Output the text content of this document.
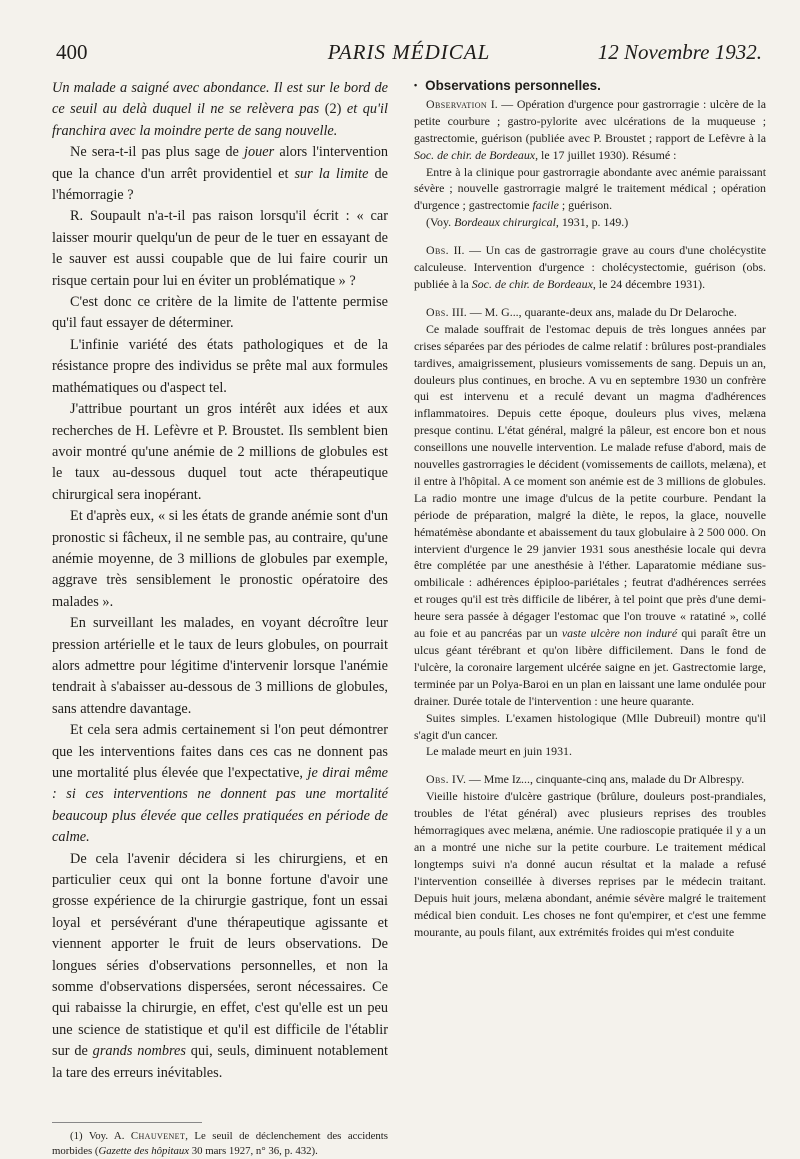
400	PARIS MÉDICAL	12 Novembre 1932.

Un malade a saigné avec abondance. Il est sur le bord de ce seuil au delà duquel il ne se relèvera pas (2) et qu'il franchira avec la moindre perte de sang nouvelle.

Ne sera-t-il pas plus sage de jouer alors l'intervention que la chance d'un arrêt providentiel et sur la limite de l'hémorragie ?

R. Soupault n'a-t-il pas raison lorsqu'il écrit : « car laisser mourir quelqu'un de peur de le tuer en essayant de le sauver est aussi coupable que de lui faire courir un risque certain pour lui en éviter un problématique » ?

C'est donc ce critère de la limite de l'attente permise qu'il faut essayer de déterminer.

L'infinie variété des états pathologiques et de la résistance propre des individus se prête mal aux formules mathématiques ou d'aspect tel.

J'attribue pourtant un gros intérêt aux idées et aux recherches de H. Lefèvre et P. Broustet. Ils semblent bien avoir montré qu'une anémie de 2 millions de globules est le taux au-dessous duquel tout acte thérapeutique chirurgical sera inopérant.

Et d'après eux, « si les états de grande anémie sont d'un pronostic si fâcheux, il ne semble pas, au contraire, qu'une anémie moyenne, de 3 millions de globules par exemple, aggrave très sensiblement le pronostic opératoire des malades ».

En surveillant les malades, en voyant décroître leur pression artérielle et le taux de leurs globules, on pourrait alors admettre pour légitime d'intervenir lorsque l'anémie tendrait à s'abaisser au-dessous de 3 millions de globules, sans attendre davantage.

Et cela sera admis certainement si l'on peut démontrer que les interventions faites dans ces cas ne donnent pas une mortalité plus élevée que l'expectative, je dirai même : si ces interventions ne donnent pas une mortalité beaucoup plus élevée que celles pratiquées en période de calme.

De cela l'avenir décidera si les chirurgiens, et en particulier ceux qui ont la bonne fortune d'avoir une grosse expérience de la chirurgie gastrique, font un essai loyal et persévérant d'une thérapeutique agissante et viennent apporter le fruit de leurs observations. De longues séries d'observations personnelles, et non la somme d'observations dispersées, seront nécessaires. Ce qui rabaisse la chirurgie, en effet, c'est qu'elle est un peu une science de statistique et qu'il est difficile de l'établir sur de grands nombres qui, seuls, diminuent notablement la tare des erreurs inévitables.

(1) Voy. A. Chauvenet, Le seuil de déclenchement des accidents morbides (Gazette des hôpitaux 30 mars 1927, n° 36, p. 432).

• Observations personnelles.

Observation I. — Opération d'urgence pour gastrorragie : ulcère de la petite courbure ; gastro-pylorite avec ulcérations de la muqueuse ; gastrectomie, guérison (publiée avec P. Broustet ; rapport de Lefèvre à la Soc. de chir. de Bordeaux, le 17 juillet 1930). Résumé :

Entre à la clinique pour gastrorragie abondante avec anémie paraissant sévère ; nouvelle gastrorragie malgré le traitement médical ; opération d'urgence ; gastrectomie facile ; guérison.

(Voy. Bordeaux chirurgical, 1931, p. 149.)

Obs. II. — Un cas de gastrorragie grave au cours d'une cholécystite calculeuse. Intervention d'urgence : cholécystectomie, guérison (obs. publiée à la Soc. de chir. de Bordeaux, le 24 décembre 1931).

Obs. III. — M. G..., quarante-deux ans, malade du Dr Delaroche.

Ce malade souffrait de l'estomac depuis de très longues années par crises séparées par des périodes de calme relatif : brûlures post-prandiales tardives, amaigrissement, plusieurs vomissements de sang. Depuis un an, douleurs plus continues, en broche. A vu en septembre 1930 un confrère qui est intervenu et a reculé devant un magma d'adhérences inflammatoires. Depuis cette époque, douleurs plus vives, melæna presque continu. L'état général, malgré la pâleur, est encore bon et nous conseillons une nouvelle intervention. Le malade refuse d'abord, mais de nouvelles gastrorragies le décident (vomissements de caillots, melæna), et il entre à l'hôpital. A ce moment son anémie est de 3 millions de globules. La radio montre une image d'ulcus de la petite courbure. Pendant la période de préparation, malgré la diète, le repos, la glace, nouvelle hématémèse abondante et abaissement du taux globulaire à 2 500 000. On intervient d'urgence le 29 janvier 1931 sous anesthésie locale qui devra être complétée par une anesthésie à l'éther. Laparatomie médiane sus-ombilicale : adhérences épiploo-pariétales ; feutrat d'adhérences serrées et rouges qu'il est très difficile de libérer, à tel point que près d'une demi-heure sera passée à dégager l'estomac que l'on trouve « ratatiné », collé au foie et au pancréas par un vaste ulcère non induré qui paraît être un ulcus géant térébrant et qu'on libère difficilement. Dans le fond de l'ulcère, la coronaire largement ulcérée saigne en jet. Gastrectomie large, terminée par un Polya-Baroi en un plan en laissant une lame ondulée pour drainer. Durée totale de l'intervention : une heure quarante.

Suites simples. L'examen histologique (Mlle Dubreuil) montre qu'il s'agit d'un cancer.

Le malade meurt en juin 1931.

Obs. IV. — Mme Iz..., cinquante-cinq ans, malade du Dr Albrespy.

Vieille histoire d'ulcère gastrique (brûlure, douleurs post-prandiales, troubles de l'état général) avec plusieurs reprises des troubles hémorragiques avec melæna, anémie. Une radioscopie pratiquée il y a un an a montré une niche sur la petite courbure. Le traitement médical longtemps suivi n'a donné aucun résultat et la malade a refusé l'intervention conseillée à diverses reprises par le médecin traitant. Depuis huit jours, melæna abondant, anémie sévère malgré le traitement médical bien conduit. Les choses ne font qu'empirer, et c'est une femme mourante, au pouls filant, aux extrémités froides qui m'est conduite
